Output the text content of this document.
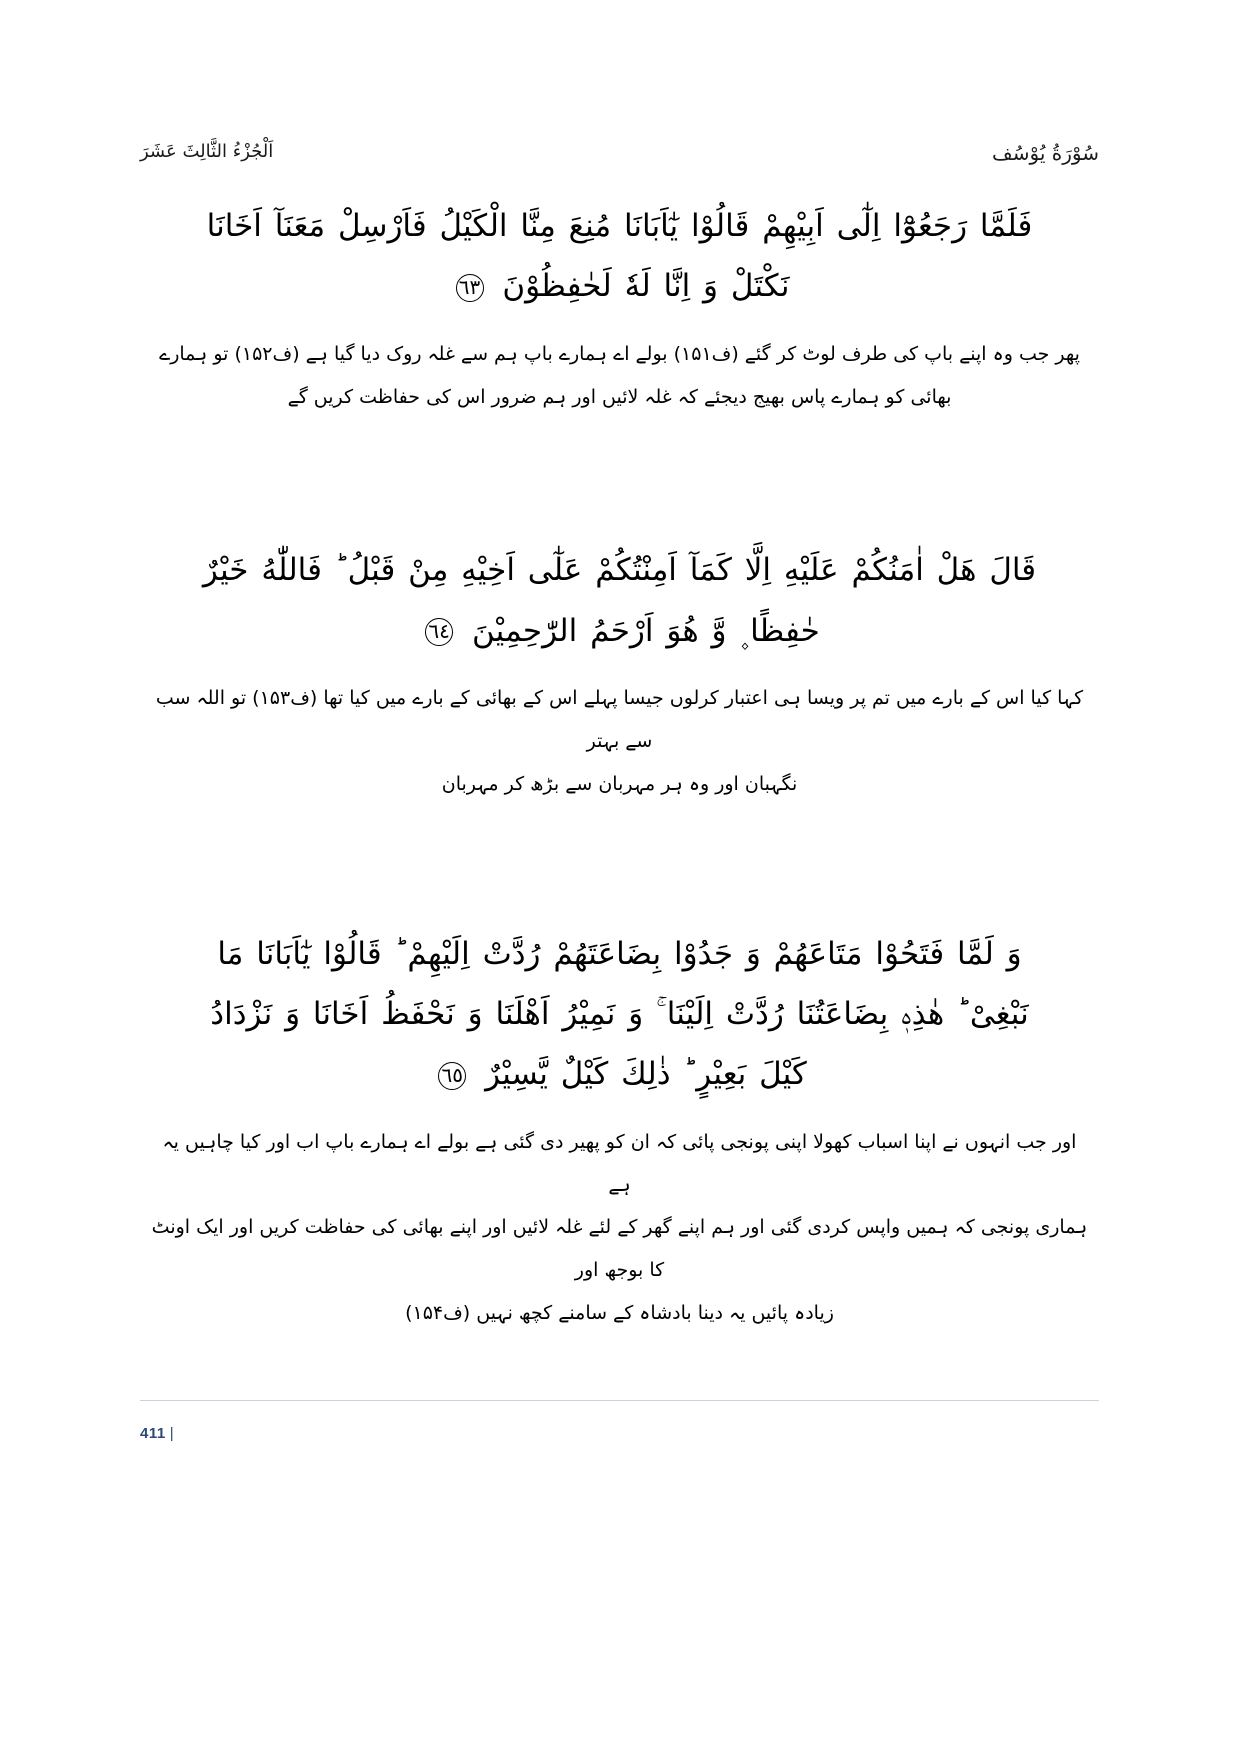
سُوْرَةُ يُوْسُف
اَلْجُزْءُ الثَّالِثَ عَشَرَ
فَلَمَّا رَجَعُوْٓا اِلٰٓى اَبِيْهِمْ قَالُوْا يٰٓاَبَانَا مُنِعَ مِنَّا الْكَيْلُ فَاَرْسِلْ مَعَنَآ اَخَانَا
نَكْتَلْ وَ اِنَّا لَهٗ لَحٰفِظُوْنَ ٦٣
پھر جب وہ اپنے باپ کی طرف لوٹ کر گئے (ف۱۵۱) بولے اے ہمارے باپ ہم سے غلہ روک دیا گیا ہے (ف۱۵۲) تو ہمارے
بھائی کو ہمارے پاس بھیج دیجئے کہ غلہ لائیں اور ہم ضرور اس کی حفاظت کریں گے
قَالَ هَلْ اٰمَنُكُمْ عَلَيْهِ اِلَّا كَمَآ اَمِنْتُكُمْ عَلٰٓى اَخِيْهِ مِنْ قَبْلُ ؕ فَاللّٰهُ خَيْرٌ
حٰفِظًا ۪ وَّ هُوَ اَرْحَمُ الرّٰحِمِيْنَ ٦٤
کہا کیا اس کے بارے میں تم پر ویسا ہی اعتبار کرلوں جیسا پہلے اس کے بھائی کے بارے میں کیا تھا (ف۱۵۳) تو اللہ سب سے بہتر
نگہبان اور وہ ہر مہربان سے بڑھ کر مہربان
وَ لَمَّا فَتَحُوْا مَتَاعَهُمْ وَ جَدُوْا بِضَاعَتَهُمْ رُدَّتْ اِلَيْهِمْ ؕ قَالُوْا يٰٓاَبَانَا مَا
نَبْغِىْ ؕ هٰذِهٖ بِضَاعَتُنَا رُدَّتْ اِلَيْنَا ۚ وَ نَمِيْرُ اَهْلَنَا وَ نَحْفَظُ اَخَانَا وَ نَزْدَادُ
كَيْلَ بَعِيْرٍ ؕ ذٰلِكَ كَيْلٌ يَّسِيْرٌ ٦٥
اور جب انہوں نے اپنا اسباب کھولا اپنی پونجی پائی کہ ان کو پھیر دی گئی ہے بولے اے ہمارے باپ اب اور کیا چاہیں یہ ہے
ہماری پونجی کہ ہمیں واپس کردی گئی اور ہم اپنے گھر کے لئے غلہ لائیں اور اپنے بھائی کی حفاظت کریں اور ایک اونٹ کا بوجھ اور
زیادہ پائیں یہ دینا بادشاہ کے سامنے کچھ نہیں (ف۱۵۴)
411 |
